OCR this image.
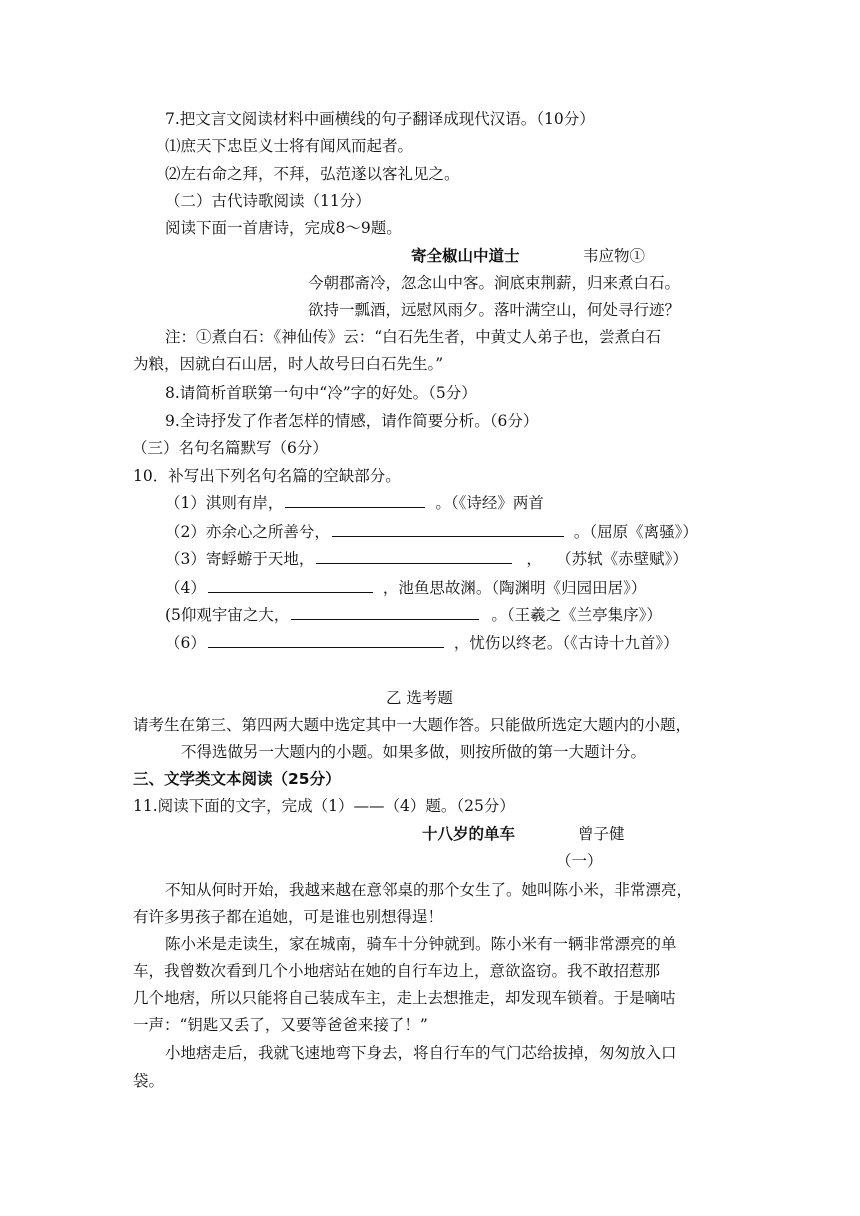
7.把文言文阅读材料中画横线的句子翻译成现代汉语。（10分）
⑴庶天下忠臣义士将有闻风而起者。
⑵左右命之拜，不拜，弘范遂以客礼见之。
（二）古代诗歌阅读（11分）
阅读下面一首唐诗，完成8～9题。
寄全椒山中道士	韦应物①
今朝郡斋冷，忽念山中客。涧底束荆薪，归来煮白石。
欲持一瓢酒，远慰风雨夕。落叶满空山，何处寻行迹？
注：①煮白石：《神仙传》云：“白石先生者，中黄丈人弟子也，尝煮白石
为粮，因就白石山居，时人故号曰白石先生。”
8.请简析首联第一句中“冷”字的好处。（5分）
9.全诗抒发了作者怎样的情感，请作简要分析。（6分）
（三）名句名篇默写（6分）
10．补写出下列名句名篇的空缺部分。
（1）淇则有岸，	。（《诗经》两首
（2）亦余心之所善兮，	。（屈原《离骚》）
（3）寄蜉蝣于天地，	， （苏轼《赤壁赋》）
（4）	，池鱼思故渊。（陶渊明《归园田居》）
(5仰观宇宙之大，	。（王羲之《兰亭集序》）
（6）	，忧伤以终老。（《古诗十九首》）
乙 选考题
请考生在第三、第四两大题中选定其中一大题作答。只能做所选定大题内的小题，
不得选做另一大题内的小题。如果多做，则按所做的第一大题计分。
三、文学类文本阅读（25分）
11.阅读下面的文字，完成（1）——（4）题。（25分）
十八岁的单车	曾子健
（一）
不知从何时开始，我越来越在意邻桌的那个女生了。她叫陈小米，非常漂亮，
有许多男孩子都在追她，可是谁也别想得逞！
陈小米是走读生，家在城南，骑车十分钟就到。陈小米有一辆非常漂亮的单
车，我曾数次看到几个小地痞站在她的自行车边上，意欲盗窃。我不敢招惹那
几个地痞，所以只能将自己装成车主，走上去想推走，却发现车锁着。于是嘀咕
一声：“钥匙又丢了，又要等爸爸来接了！”
小地痞走后，我就飞速地弯下身去，将自行车的气门芯给拔掉，匆匆放入口
袋。
